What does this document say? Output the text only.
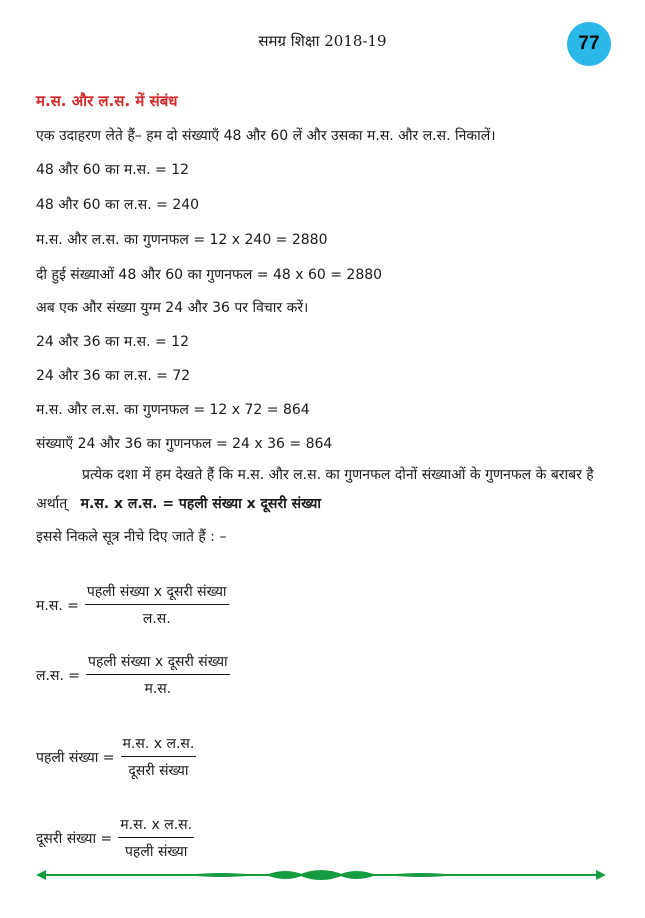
समग्र शिक्षा 2018-19	77
म.स. और ल.स. में संबंध
एक उदाहरण लेते हैं– हम दो संख्याएँ 48 और 60 लें और उसका म.स. और ल.स. निकालें।
48 और 60 का म.स. = 12
48 और 60 का ल.स. = 240
म.स. और ल.स. का गुणनफल = 12 x 240 = 2880
दी हुई संख्याओं 48 और 60 का गुणनफल = 48 x 60 = 2880
अब एक और संख्या युग्म 24 और 36 पर विचार करें।
24 और 36 का म.स. = 12
24 और 36 का ल.स. = 72
म.स. और ल.स. का गुणनफल = 12 x 72 = 864
संख्याएँ 24 और 36 का गुणनफल = 24 x 36 = 864
प्रत्येक दशा में हम देखते हैं कि म.स. और ल.स. का गुणनफल दोनों संख्याओं के गुणनफल के बराबर है अर्थात् म.स. x ल.स. = पहली संख्या x दूसरी संख्या
इससे निकले सूत्र नीचे दिए जाते हैं : –
म.स. = $\frac{\text{पहली संख्या x दूसरी संख्या}}{\text{ल.स.}}$
ल.स. = $\frac{\text{पहली संख्या x दूसरी संख्या}}{\text{म.स.}}$
पहली संख्या = $\frac{\text{म.स. x ल.स.}}{\text{दूसरी संख्या}}$
दूसरी संख्या = $\frac{\text{म.स. x ल.स.}}{\text{पहली संख्या}}$
